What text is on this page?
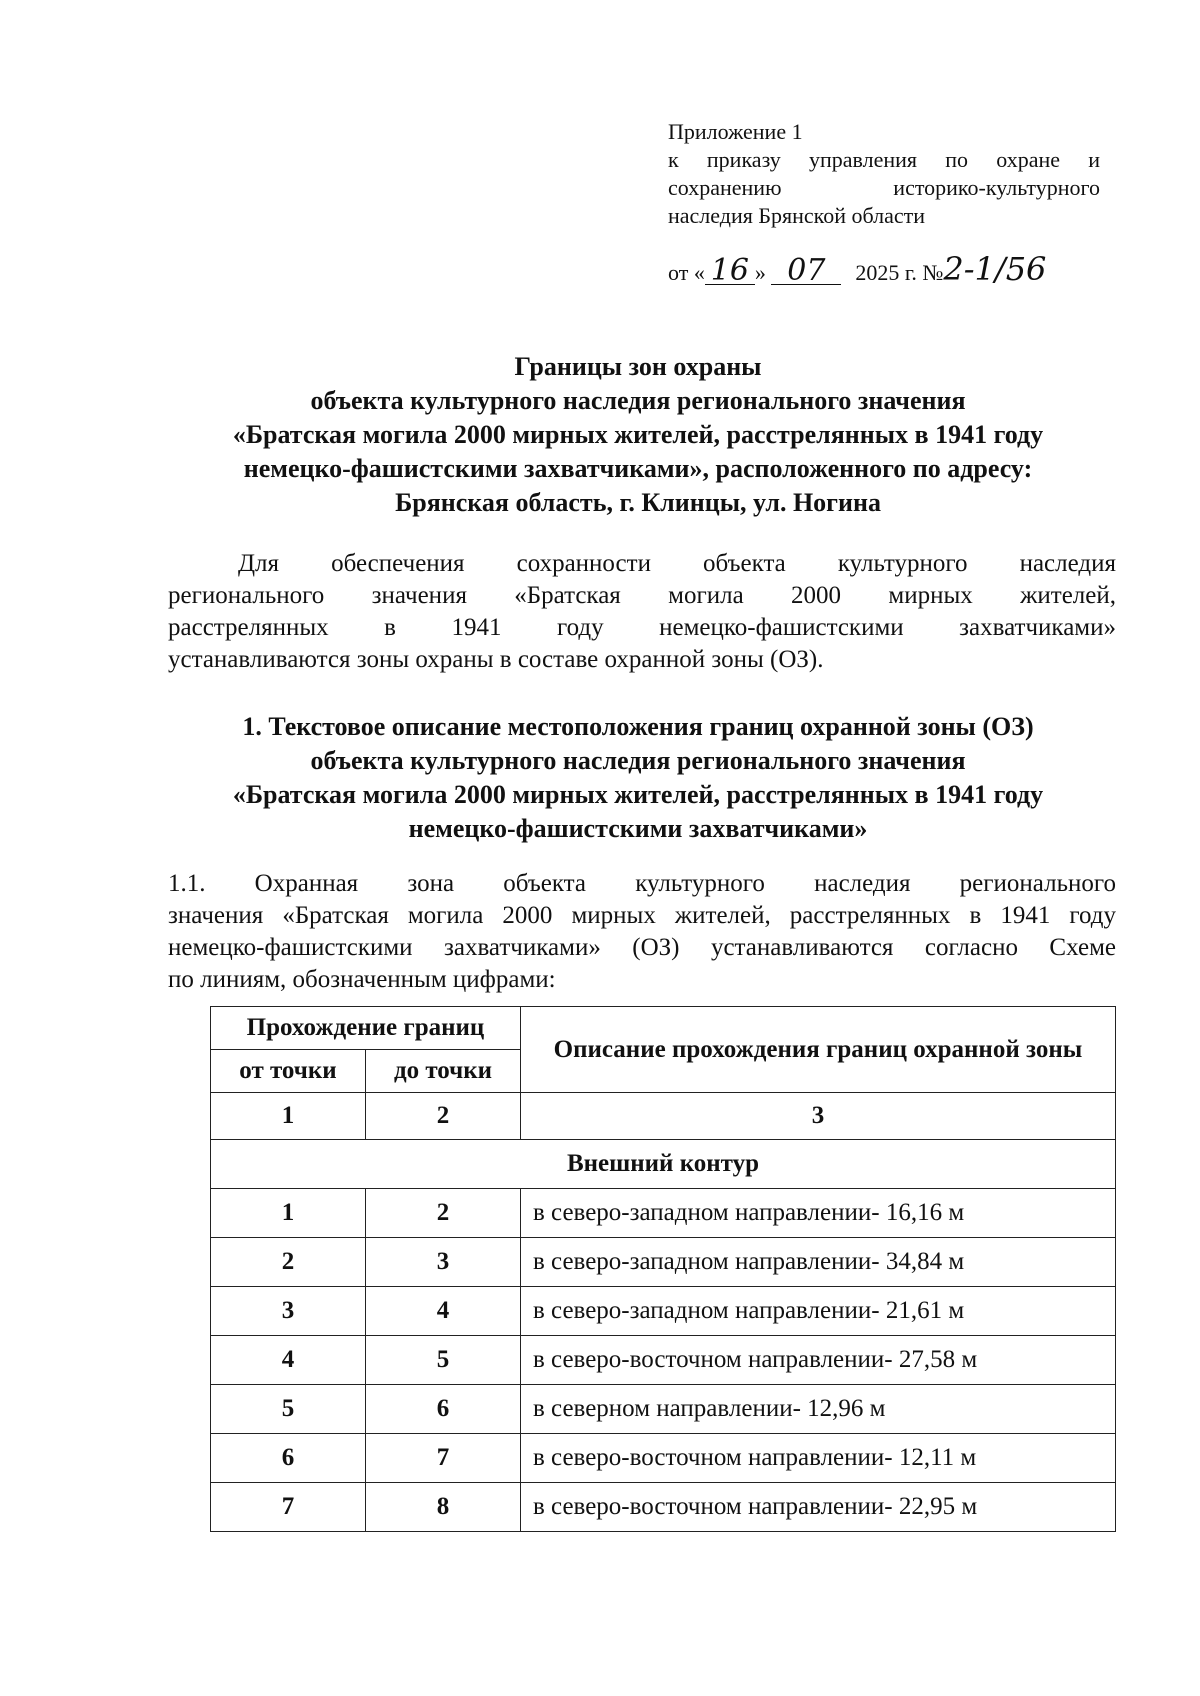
Приложение 1
к приказу управления по охране и
сохранению историко-культурного
наследия Брянской области
от « 16 » 07 2025 г. №2-1/56
Границы зон охраны
объекта культурного наследия регионального значения
«Братская могила 2000 мирных жителей, расстрелянных в 1941 году
немецко-фашистскими захватчиками», расположенного по адресу:
Брянская область, г. Клинцы, ул. Ногина
Для обеспечения сохранности объекта культурного наследия
регионального значения «Братская могила 2000 мирных жителей,
расстрелянных в 1941 году немецко-фашистскими захватчиками»
устанавливаются зоны охраны в составе охранной зоны (ОЗ).
1. Текстовое описание местоположения границ охранной зоны (ОЗ)
объекта культурного наследия регионального значения
«Братская могила 2000 мирных жителей, расстрелянных в 1941 году
немецко-фашистскими захватчиками»
1.1. Охранная зона объекта культурного наследия регионального
значения «Братская могила 2000 мирных жителей, расстрелянных в 1941 году
немецко-фашистскими захватчиками» (ОЗ) устанавливаются согласно Схеме
по линиям, обозначенным цифрами:
Прохождение границ		Описание прохождения границ охранной зоны
от точки	до точки	
1	2	3
Внешний контур		
1	2	в северо-западном направлении- 16,16 м
2	3	в северо-западном направлении- 34,84 м
3	4	в северо-западном направлении- 21,61 м
4	5	в северо-восточном направлении- 27,58 м
5	6	в северном направлении- 12,96 м
6	7	в северо-восточном направлении- 12,11 м
7	8	в северо-восточном направлении- 22,95 м
